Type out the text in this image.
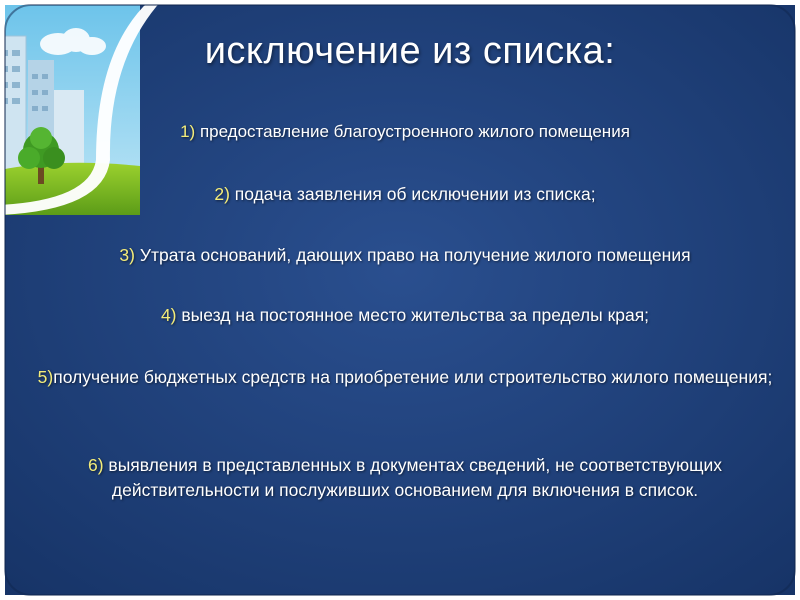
исключение из списка:
1) предоставление благоустроенного жилого помещения
2) подача заявления об исключении из списка;
3) Утрата оснований, дающих право на получение жилого помещения
4) выезд на постоянное место жительства за пределы края;
5)получение бюджетных средств на приобретение или строительство жилого помещения;
6) выявления в представленных в документах сведений, не соответствующих действительности и послуживших основанием для включения в список.
